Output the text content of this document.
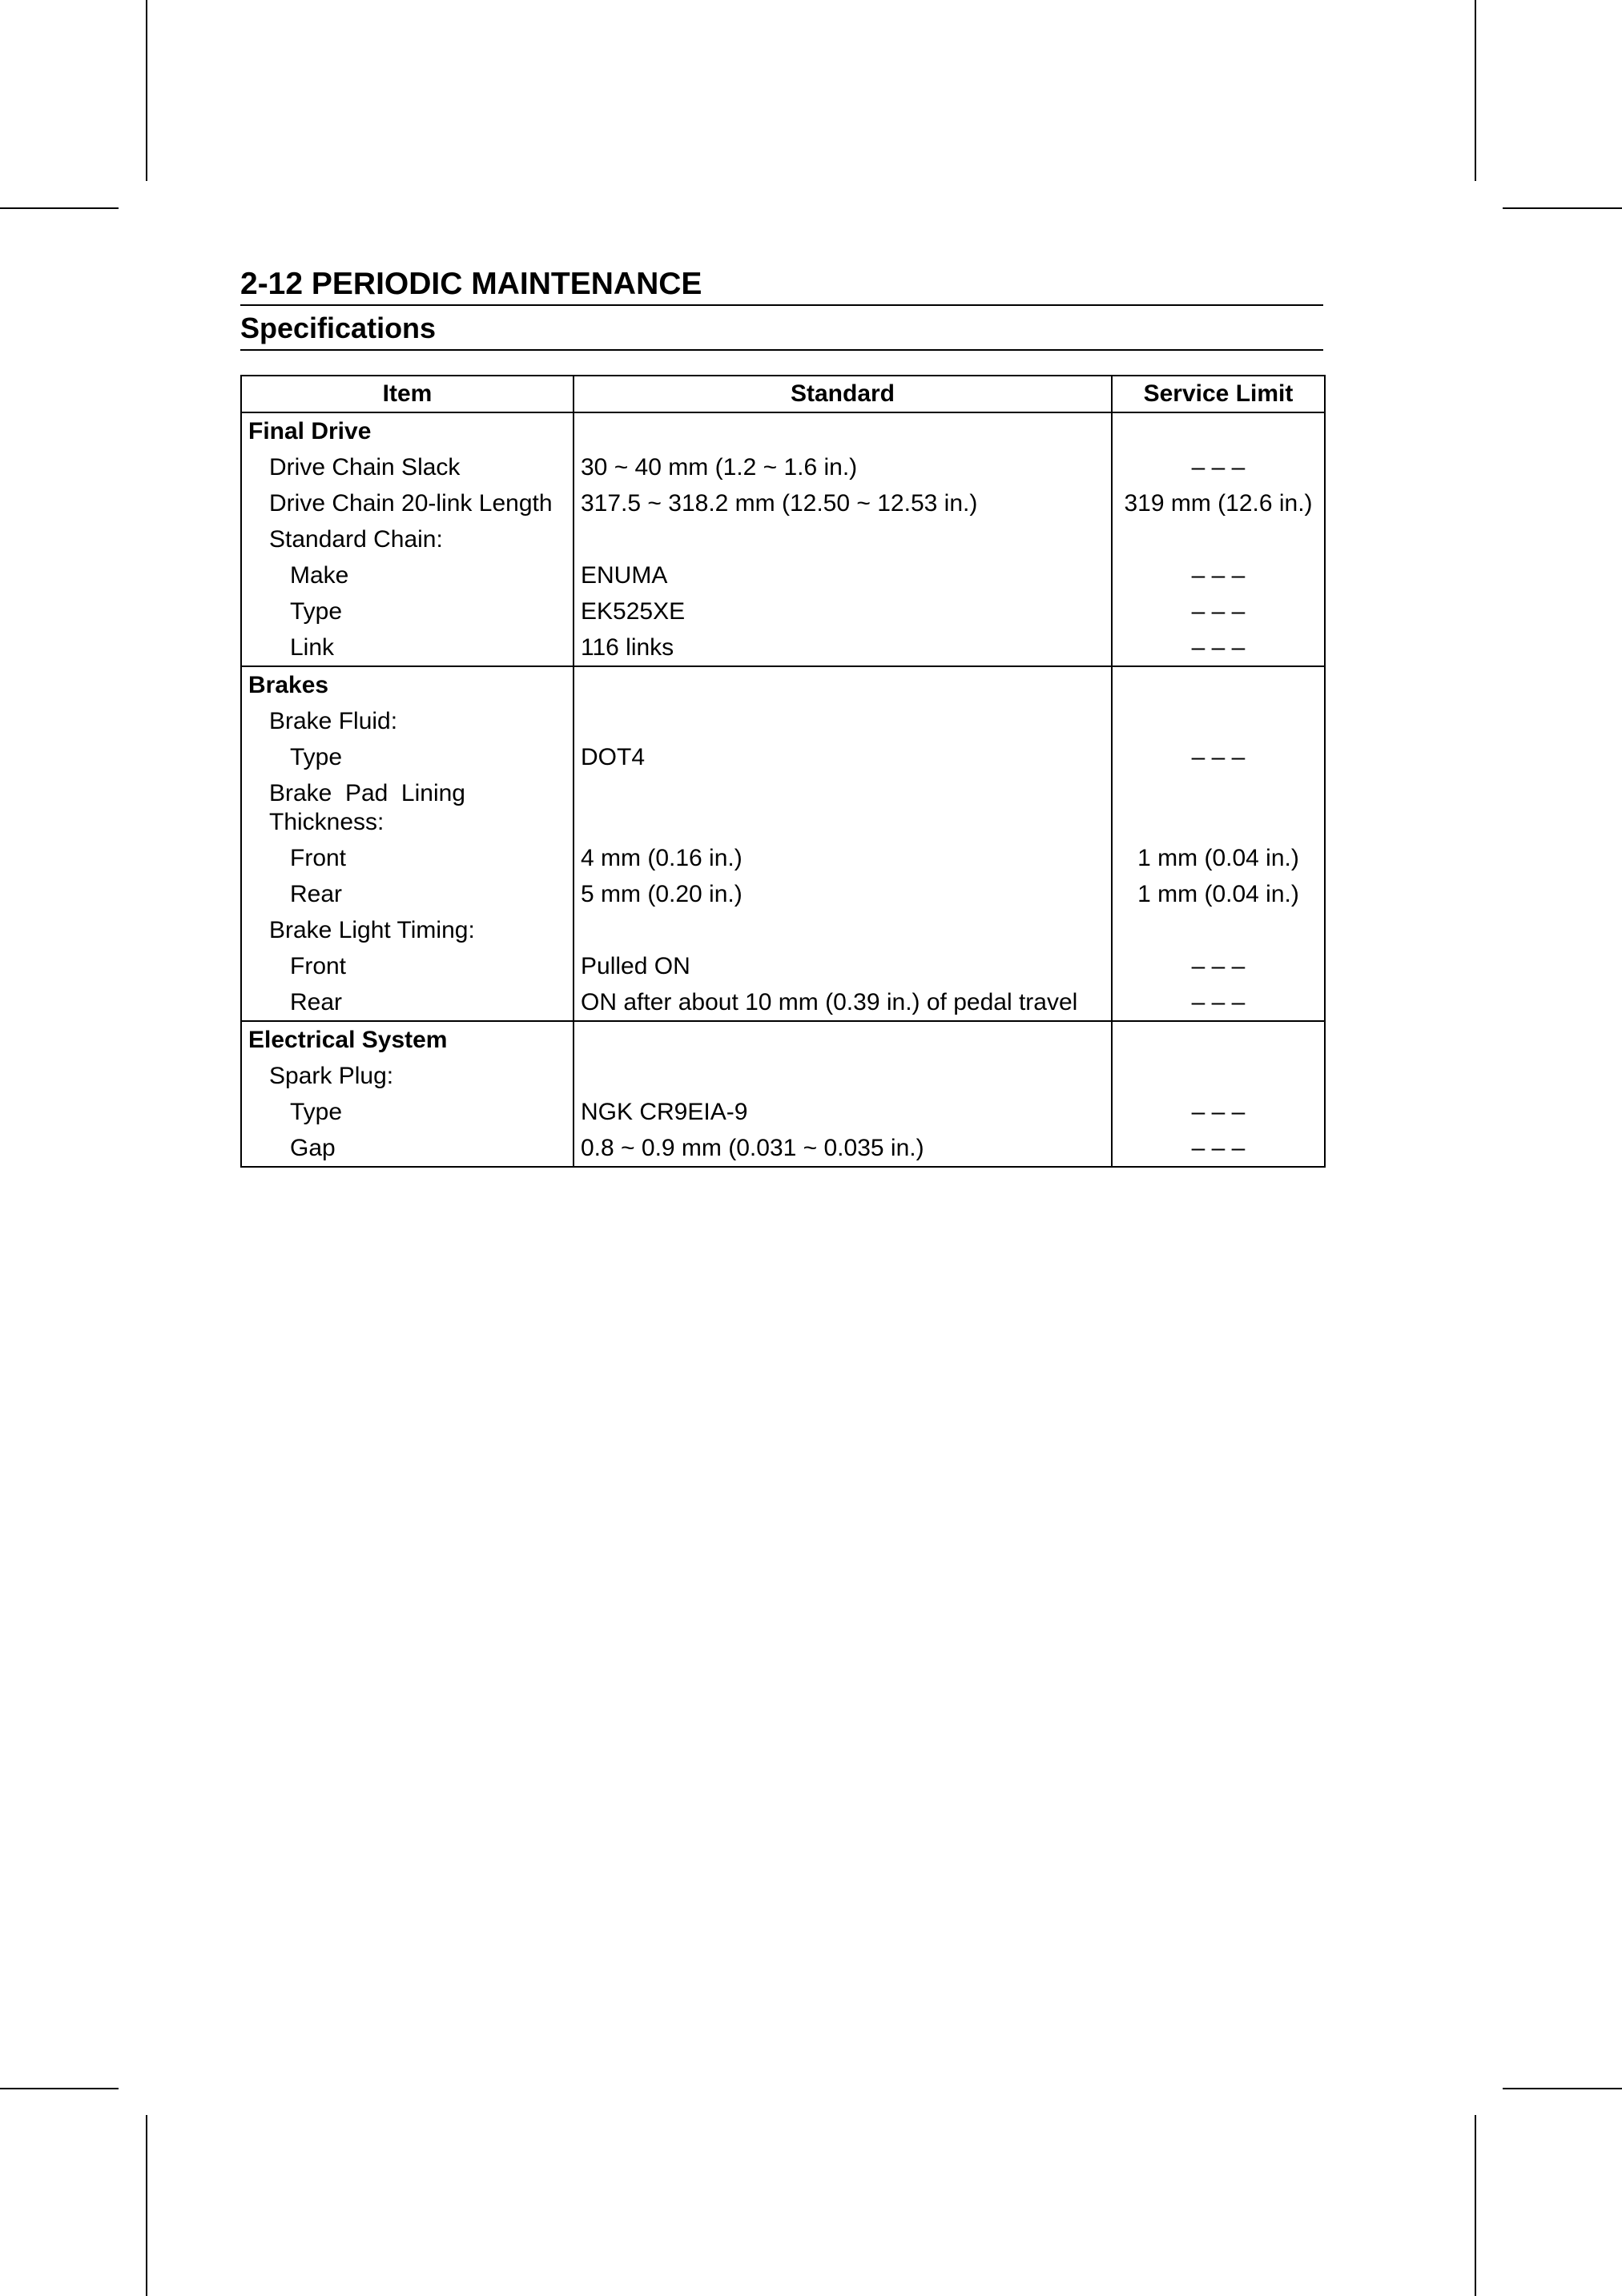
2-12 PERIODIC MAINTENANCE
Specifications
Item	Standard	Service Limit
Final Drive		
Drive Chain Slack	30 ~ 40 mm (1.2 ~ 1.6 in.)	– – –
Drive Chain 20-link Length	317.5 ~ 318.2 mm (12.50 ~ 12.53 in.)	319 mm (12.6 in.)
Standard Chain:		
Make	ENUMA	– – –
Type	EK525XE	– – –
Link	116 links	– – –
Brakes		
Brake Fluid:		
Type	DOT4	– – –

Brake Pad Lining
Thickness:		

Front	4 mm (0.16 in.)	1 mm (0.04 in.)
Rear	5 mm (0.20 in.)	1 mm (0.04 in.)
Brake Light Timing:		
Front	Pulled ON	– – –
Rear	ON after about 10 mm (0.39 in.) of pedal travel	– – –
Electrical System		
Spark Plug:		
Type	NGK CR9EIA-9	– – –
Gap	0.8 ~ 0.9 mm (0.031 ~ 0.035 in.)	– – –
